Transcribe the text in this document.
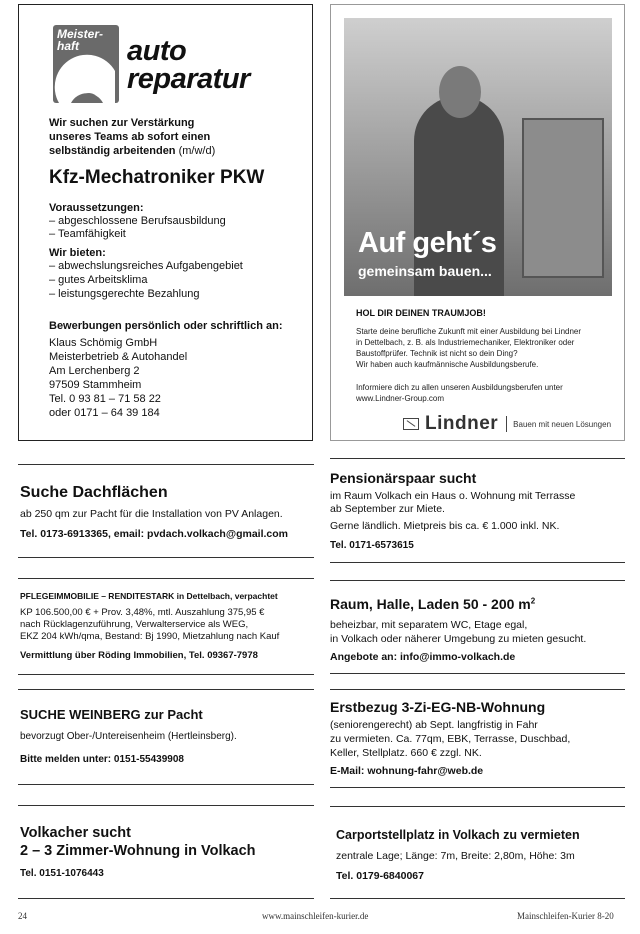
Meister-
haft	auto
reparatur
Wir suchen zur Verstärkung
unseres Teams ab sofort einen
selbständig arbeitenden (m/w/d)
Kfz-Mechatroniker PKW
Voraussetzungen:
– abgeschlossene Berufsausbildung
– Teamfähigkeit
Wir bieten:
– abwechslungsreiches Aufgabengebiet
– gutes Arbeitsklima
– leistungsgerechte Bezahlung
Bewerbungen persönlich oder schriftlich an:
Klaus Schömig GmbH
Meisterbetrieb & Autohandel
Am Lerchenberg 2
97509 Stammheim
Tel. 0 93 81 – 71 58 22
oder 0171 – 64 39 184
Auf geht´s
gemeinsam bauen...
HOL DIR DEINEN TRAUMJOB!
Starte deine berufliche Zukunft mit einer Ausbildung bei Lindner
in Dettelbach, z. B. als Industriemechaniker, Elektroniker oder
Baustoffprüfer. Technik ist nicht so dein Ding?
Wir haben auch kaufmännische Ausbildungsberufe.
Informiere dich zu allen unseren Ausbildungsberufen unter
www.Lindner-Group.com
Lindner Bauen mit neuen Lösungen
Suche Dachflächen
ab 250 qm zur Pacht für die Installation von PV Anlagen.
Tel. 0173-6913365, email: pvdach.volkach@gmail.com
PFLEGEIMMOBILIE – RENDITESTARK in Dettelbach, verpachtet
KP 106.500,00 € + Prov. 3,48%, mtl. Auszahlung 375,95 €
nach Rücklagenzuführung, Verwalterservice als WEG,
EKZ 204 kWh/qma, Bestand: Bj 1990, Mietzahlung nach Kauf
Vermittlung über Röding Immobilien, Tel. 09367-7978
SUCHE WEINBERG zur Pacht
bevorzugt Ober-/Untereisenheim (Hertleinsberg).
Bitte melden unter: 0151-55439908
Volkacher sucht
2 – 3 Zimmer-Wohnung in Volkach
Tel. 0151-1076443
Pensionärspaar sucht
im Raum Volkach ein Haus o. Wohnung mit Terrasse
ab September zur Miete.
Gerne ländlich. Mietpreis bis ca. € 1.000 inkl. NK.
Tel. 0171-6573615
Raum, Halle, Laden 50 - 200 $m^2$
beheizbar, mit separatem WC, Etage egal,
in Volkach oder näherer Umgebung zu mieten gesucht.
Angebote an: info@immo-volkach.de
Erstbezug 3-Zi-EG-NB-Wohnung
(seniorengerecht) ab Sept. langfristig in Fahr
zu vermieten. Ca. 77qm, EBK, Terrasse, Duschbad,
Keller, Stellplatz. 660 € zzgl. NK.
E-Mail: wohnung-fahr@web.de
Carportstellplatz in Volkach zu vermieten
zentrale Lage; Länge: 7m, Breite: 2,80m, Höhe: 3m
Tel. 0179-6840067
24	www.mainschleifen-kurier.de	Mainschleifen-Kurier 8-20
